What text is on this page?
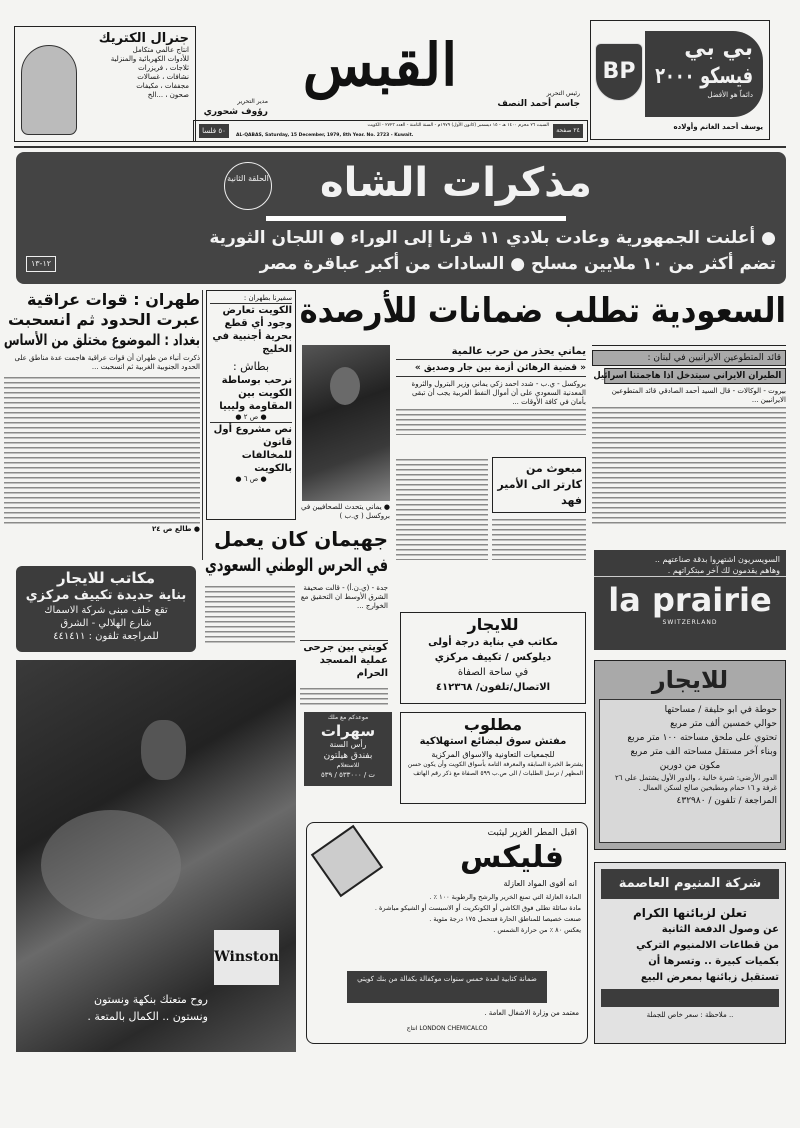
جنرال الكتريك
انتاج عالمي متكامل
للأدوات الكهربائية والمنزلية
ثلاجات ، فريزرات
نشافات ، غسالات
مجففات ، مكيفات
صحون ، ...الخ	القبس
مدير التحرير
رؤوف شحوري
رئيس التحرير
جاسم أحمد النصف
٥٠ فلسا	٢٤ صفحة
السبت ٢٦ محرم ١٤٠٠ هـ - ١٥ ديسمبر (كانون الأول) ١٩٧٩م - السنة الثامنة - العدد ٢٧٢٣ - الكويت
AL-QABAS, Saturday, 15 December, 1979, 8th Year. No. 2723 - Kuwait.
بي بي
فيسكو ٢٠٠٠
دائماً هو الأفضل
BP
يوسف أحمد الغانم وأولاده
مذكرات الشاه
الحلقة الثانية
● أعلنت الجمهورية وعادت بلادي ١١ قرنا إلى الوراء ● اللجان الثورية
تضم أكثر من ١٠ ملايين مسلح ● السادات من أكبر عباقرة مصر
١٢-١٣
طهران : قوات عراقية
عبرت الحدود ثم انسحبت
بغداد : الموضوع مختلق من الأساس
ذكرت أنباء من طهران أن قوات عراقية هاجمت عدة مناطق على الحدود الجنوبية الغربية ثم انسحبت ...
● طالع ص ٢٤
سفيرنا بطهران :
الكويت تعارض وجود أي قطع بحرية أجنبية في الخليج
بطاش :
نرحب بوساطة الكويت بين المقاومة وليبيا
● ص ٢ ●
نص مشروع أول قانون للمخالفات بالكويت
● ص ٦ ●
السعودية تطلب ضمانات للأرصدة
● يماني يتحدث للصحافيين في بروكسل ( ي.ب )
يماني يحذر من حرب عالمية
« قضية الرهائن أزمة بين جار وصديق »
بروكسل - ي.ب - شدد احمد زكي يماني وزير البترول والثروة المعدنية السعودي على أن أموال النفط العربية يجب أن تبقى بأمان في كافة الأوقات ...
مبعوث من كارتر الى الأمير فهد
قائد المتطوعين الايرانيين في لبنان :
الطيران الايراني سيتدخل اذا هاجمتنا اسرائيل
بيروت - الوكالات - قال السيد أحمد الصادقي قائد المتطوعين الايرانيين ...
جهيمان كان يعمل
في الحرس الوطني السعودي
جدة - (ي.ن.أ) - قالت صحيفة الشرق الأوسط ان التحقيق مع الخوارج ...
كويتي بين جرحى عملية المسجد الحرام
مكاتب للايجار
بناية جديدة تكييف مركزي
تقع خلف مبنى شركة الاسماك
شارع الهلالي - الشرق
للمراجعة تلفون : ٤٤١٤١١
Winston
روح متعتك بنكهة ونستون
ونستون .. الكمال بالمتعة .
موعدكم مع ملك
سهرات
رأس السنة
بفندق هيلتون
للاستعلام
ت / ٥٣٣٠٠٠ / ٥٣٩
للايجار
مكاتب في بناية درجة أولى
ديلوكس / تكييف مركزي
في ساحة الصفاة
الاتصال/تلفون/ ٤١٢٣٦٨
مطلوب
مفتش سوق لبضائع استهلاكية
للجمعيات التعاونية والاسواق المركزية
يشترط الخبرة السابقة والمعرفة التامة بأسواق الكويت وأن يكون حسن المظهر / ترسل الطلبات / الى ص.ب ٥٩٩ الصفاة مع ذكر رقم الهاتف
السويسريون اشتهروا بدقة صناعتهم ..
وهاهم يقدمون لك آخر مبتكراتهم .
la prairie
SWITZERLAND
للايجار
حوطة في ابو حليفة / مساحتها
حوالي خمسين ألف متر مربع
تحتوي على ملحق مساحته ١٠٠ متر مربع
وبناء آخر مستقل مساحته الف متر مربع
مكون من دورين
الدور الأرضي: شبرة خالية ، والدور الأول يشتمل على ٢٦ غرفة و ١٦ حمام ومطبخين صالح لسكن العمال .
المراجعة / تلفون / ٤٣٢٩٨٠
اقبل المطر الغزير ليثبت
فليكس
انه أقوى المواد العازلة
المادة العازلة التي تمنع الخرير والرشح والرطوبة ١٠٠ ٪ .
مادة سائلة تطلى فوق الكاشي أو الكونكريت أو الاسبست أو الشيكو مباشرة .
صنعت خصيصا للمناطق الحارة فتتحمل ١٧٥ درجة مئوية .
يعكس ٨٠ ٪ من حرارة الشمس .
ضمانة كتابية لمدة خمس سنوات موكفالة بكفالة من بنك كويتي
معتمد من وزارة الاشغال العامة .
انتاج LONDON CHEMICALCO
شركة المنيوم العاصمة
تعلن لزبائنها الكرام
عن وصول الدفعة الثانية
من قطاعات الالمنيوم التركي
بكميات كبيرة .. وتسرها أن
تستقبل زبائنها بمعرض البيع
ملاحظة : سعر خاص للجملة ..
